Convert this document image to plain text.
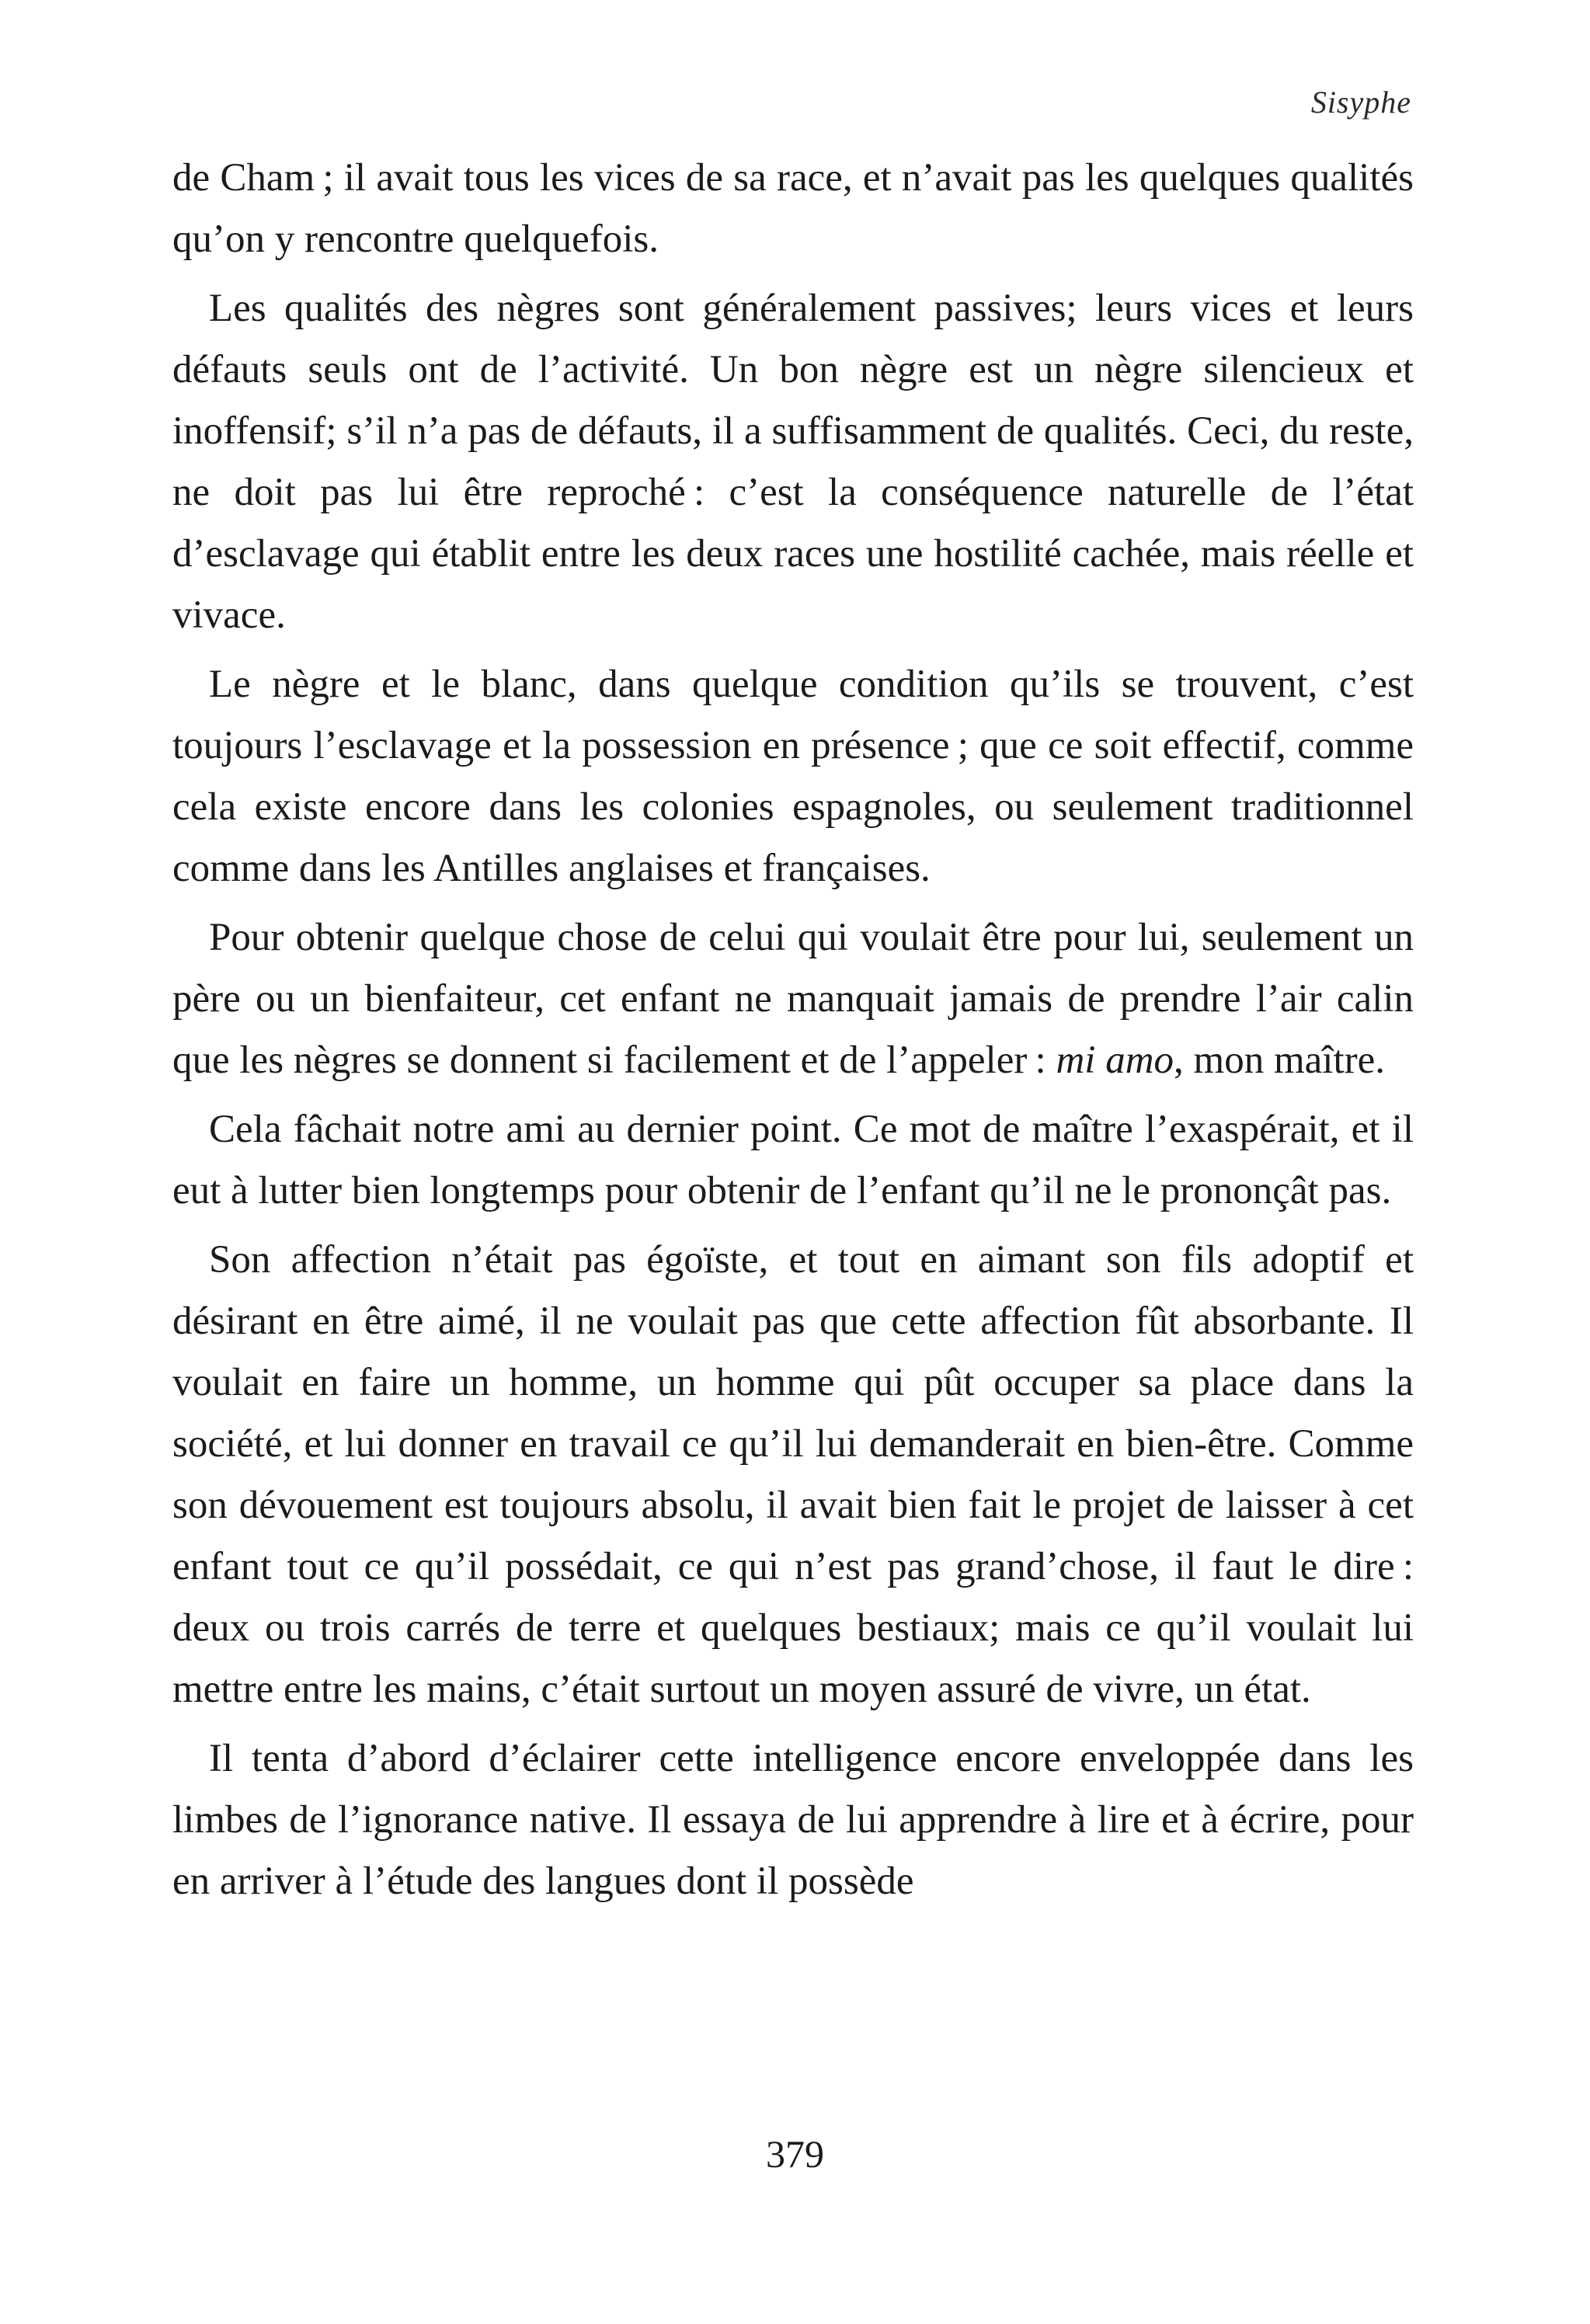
Sisyphe

de Cham ; il avait tous les vices de sa race, et n’avait pas les quelques qualités qu’on y rencontre quelquefois.

Les qualités des nègres sont généralement passives; leurs vices et leurs défauts seuls ont de l’activité. Un bon nègre est un nègre silencieux et inoffensif; s’il n’a pas de défauts, il a suffisamment de qualités. Ceci, du reste, ne doit pas lui être reproché : c’est la conséquence naturelle de l’état d’esclavage qui établit entre les deux races une hostilité cachée, mais réelle et vivace.

Le nègre et le blanc, dans quelque condition qu’ils se trouvent, c’est toujours l’esclavage et la possession en présence ; que ce soit effectif, comme cela existe encore dans les colonies espagnoles, ou seulement traditionnel comme dans les Antilles anglaises et françaises.

Pour obtenir quelque chose de celui qui voulait être pour lui, seulement un père ou un bienfaiteur, cet enfant ne manquait jamais de prendre l’air calin que les nègres se donnent si facilement et de l’appeler : mi amo, mon maître.

Cela fâchait notre ami au dernier point. Ce mot de maître l’exaspérait, et il eut à lutter bien longtemps pour obtenir de l’enfant qu’il ne le prononçât pas.

Son affection n’était pas égoïste, et tout en aimant son fils adoptif et désirant en être aimé, il ne voulait pas que cette affection fût absorbante. Il voulait en faire un homme, un homme qui pût occuper sa place dans la société, et lui donner en travail ce qu’il lui demanderait en bien-être. Comme son dévouement est toujours absolu, il avait bien fait le projet de laisser à cet enfant tout ce qu’il possédait, ce qui n’est pas grand’chose, il faut le dire : deux ou trois carrés de terre et quelques bestiaux; mais ce qu’il voulait lui mettre entre les mains, c’était surtout un moyen assuré de vivre, un état.

Il tenta d’abord d’éclairer cette intelligence encore enveloppée dans les limbes de l’ignorance native. Il essaya de lui apprendre à lire et à écrire, pour en arriver à l’étude des langues dont il possède

379
